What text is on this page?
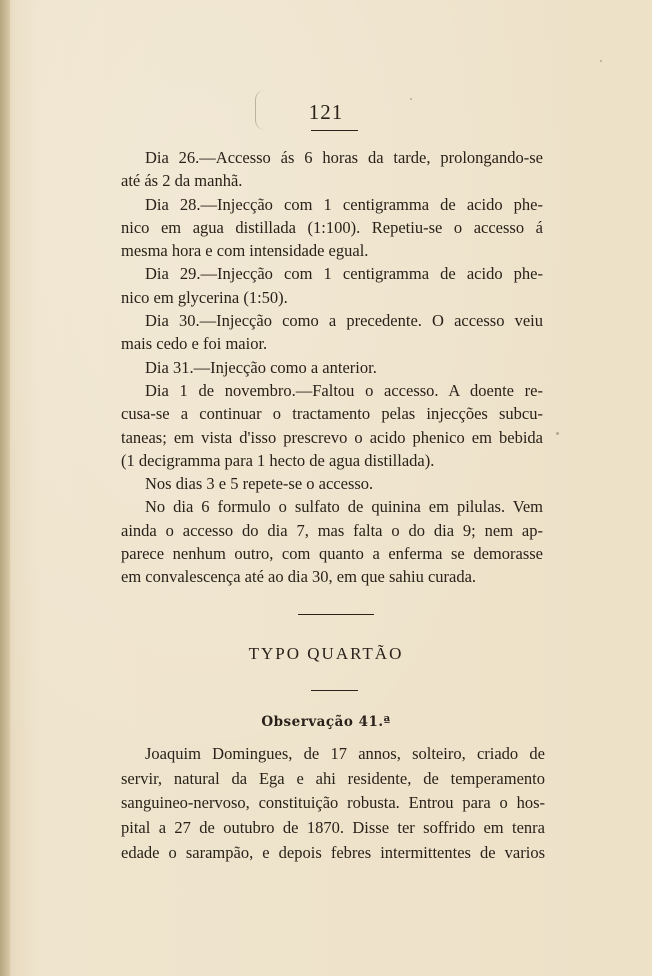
121
Dia 26.—Accesso ás 6 horas da tarde, prolongando-se
até ás 2 da manhã.
Dia 28.—Injecção com 1 centigramma de acido phe-
nico em agua distillada (1:100). Repetiu-se o accesso á
mesma hora e com intensidade egual.
Dia 29.—Injecção com 1 centigramma de acido phe-
nico em glycerina (1:50).
Dia 30.—Injecção como a precedente. O accesso veiu
mais cedo e foi maior.
Dia 31.—Injecção como a anterior.
Dia 1 de novembro.—Faltou o accesso. A doente re-
cusa-se a continuar o tractamento pelas injecções subcu-
taneas; em vista d'isso prescrevo o acido phenico em bebida
(1 decigramma para 1 hecto de agua distillada).
Nos dias 3 e 5 repete-se o accesso.
No dia 6 formulo o sulfato de quinina em pilulas. Vem
ainda o accesso do dia 7, mas falta o do dia 9; nem ap-
parece nenhum outro, com quanto a enferma se demorasse
em convalescença até ao dia 30, em que sahiu curada.
TYPO QUARTÃO
Observação 41.ª
Joaquim Domingues, de 17 annos, solteiro, criado de
servir, natural da Ega e ahi residente, de temperamento
sanguineo-nervoso, constituição robusta. Entrou para o hos-
pital a 27 de outubro de 1870. Disse ter soffrido em tenra
edade o sarampão, e depois febres intermittentes de varios
